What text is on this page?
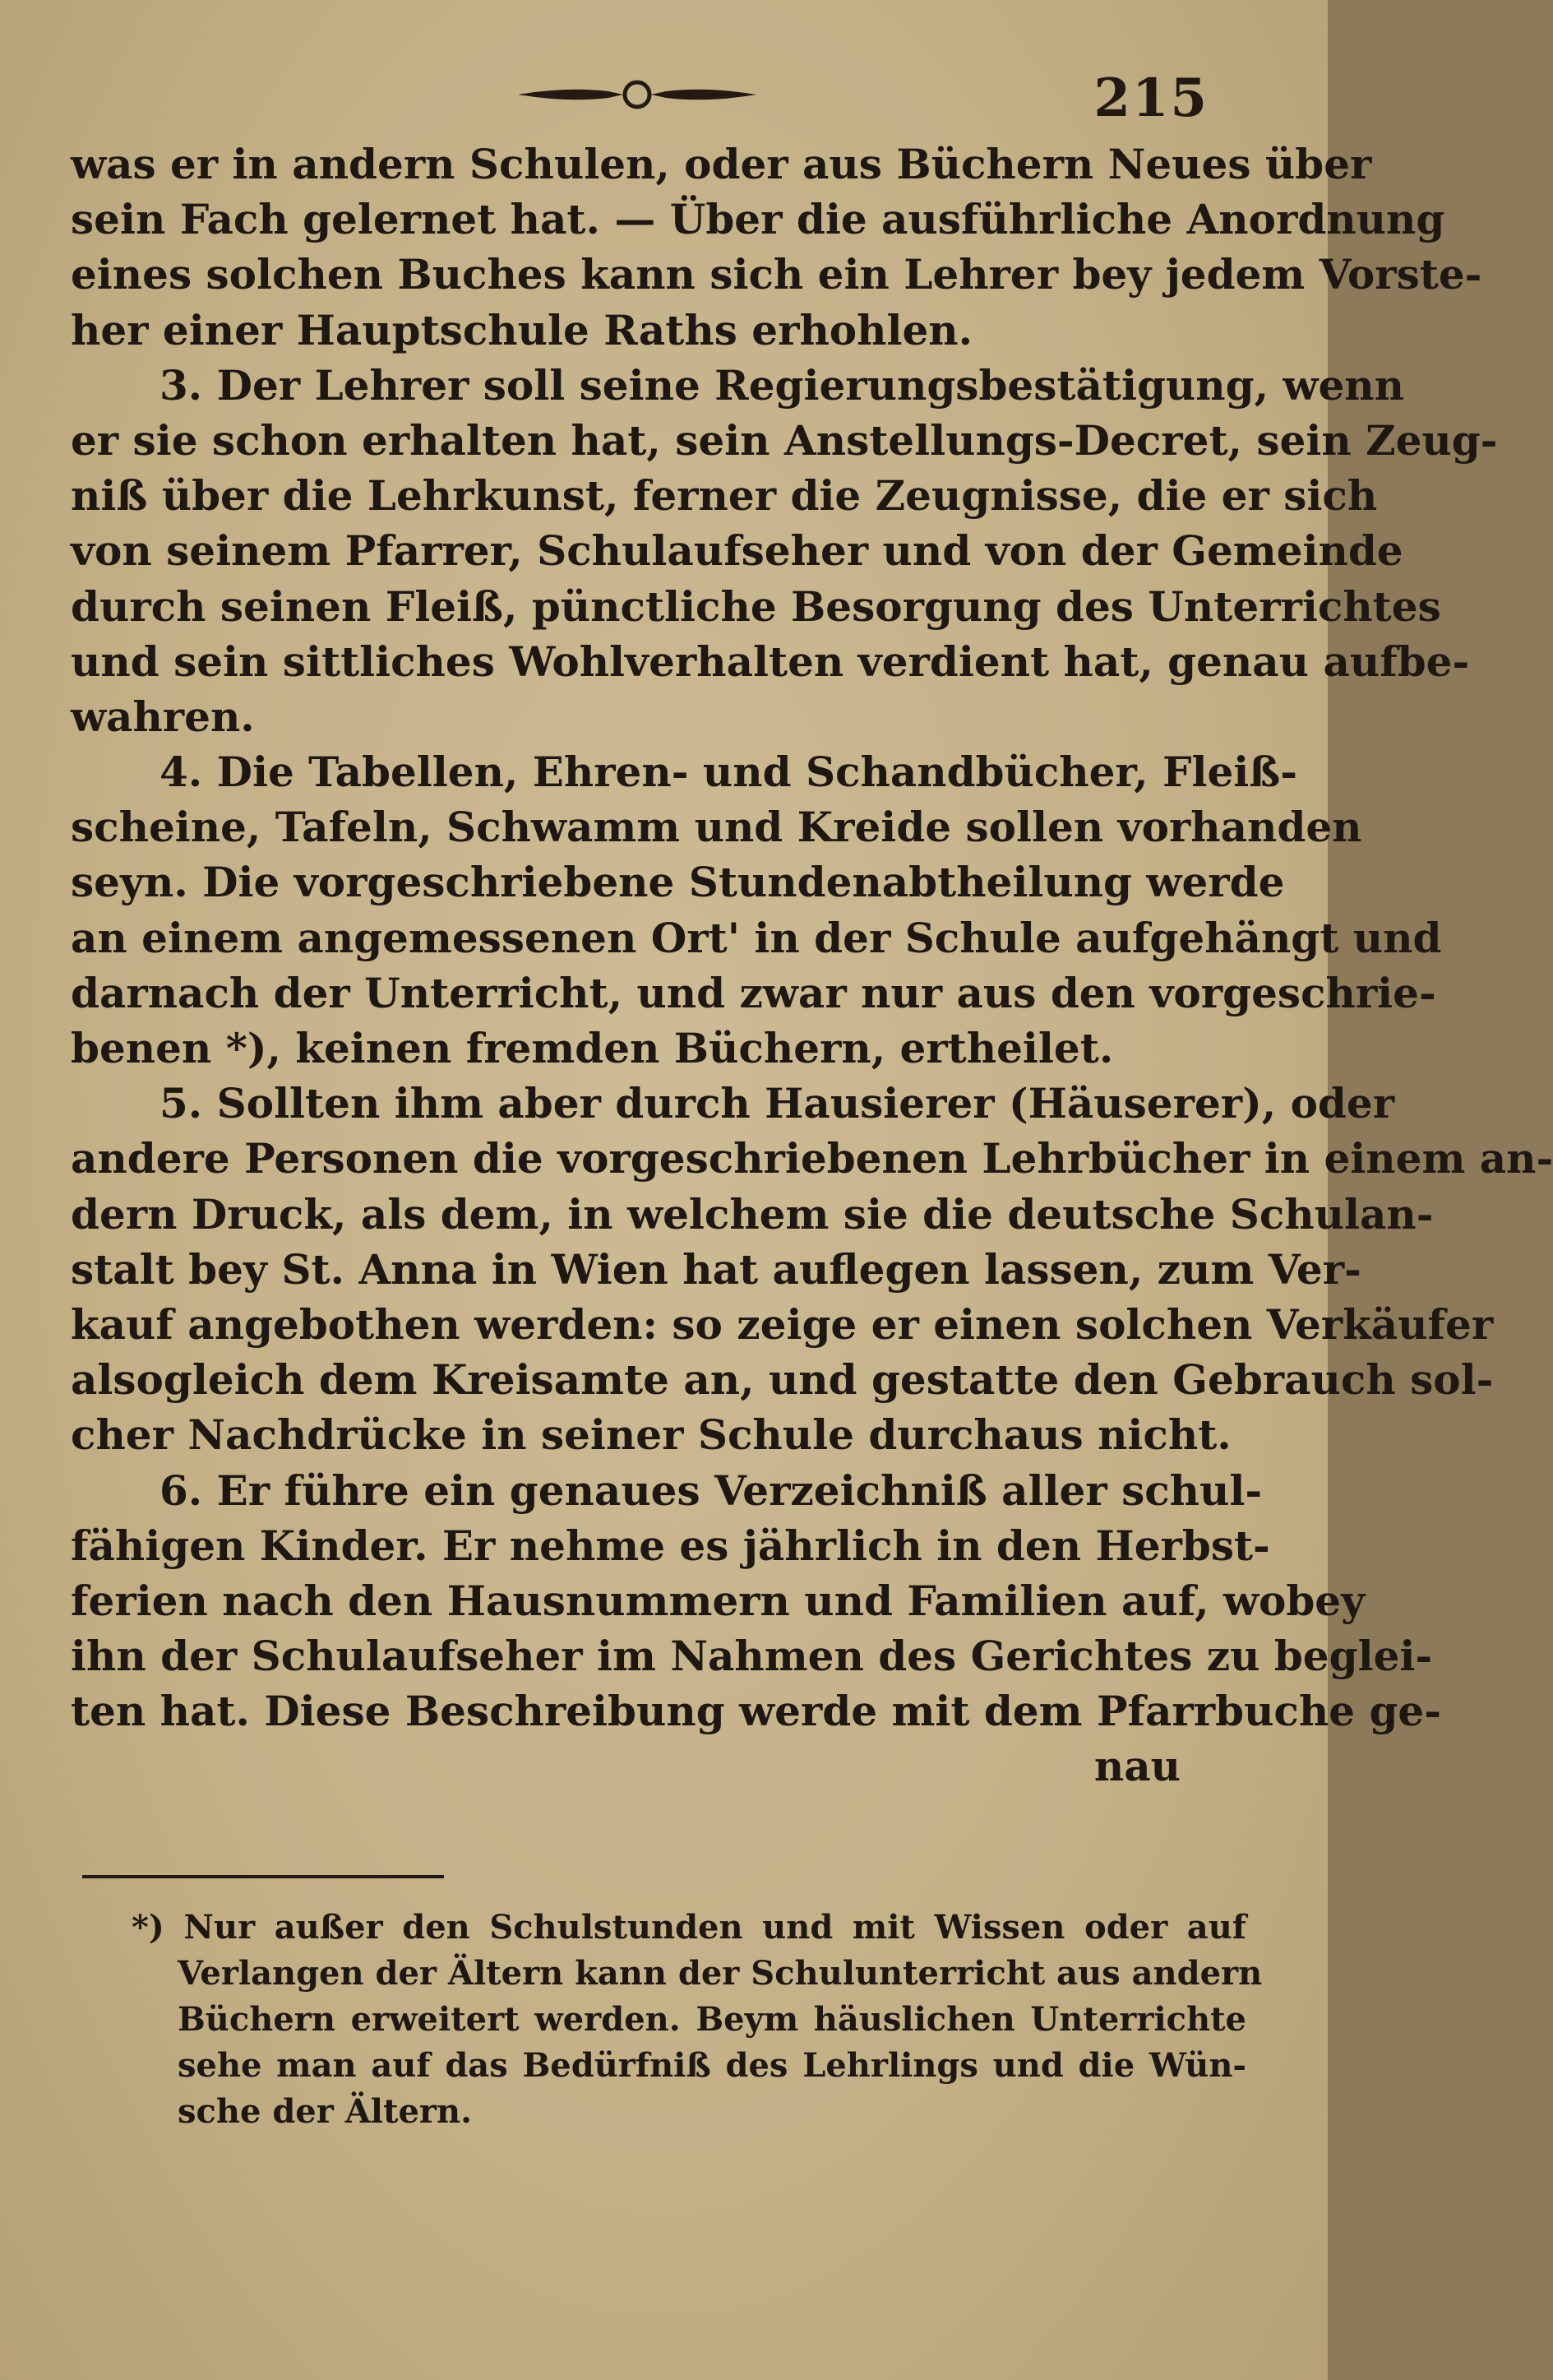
215
was er in andern Schulen, oder aus Büchern Neues über
sein Fach gelernet hat. — Über die ausführliche Anordnung
eines solchen Buches kann sich ein Lehrer bey jedem Vorste-
her einer Hauptschule Raths erhohlen.
3. Der Lehrer soll seine Regierungsbestätigung, wenn
er sie schon erhalten hat, sein Anstellungs-Decret, sein Zeug-
niß über die Lehrkunst, ferner die Zeugnisse, die er sich
von seinem Pfarrer, Schulaufseher und von der Gemeinde
durch seinen Fleiß, pünctliche Besorgung des Unterrichtes
und sein sittliches Wohlverhalten verdient hat, genau aufbe-
wahren.
4. Die Tabellen, Ehren- und Schandbücher, Fleiß-
scheine, Tafeln, Schwamm und Kreide sollen vorhanden
seyn. Die vorgeschriebene Stundenabtheilung werde
an einem angemessenen Ort' in der Schule aufgehängt und
darnach der Unterricht, und zwar nur aus den vorgeschrie-
benen *), keinen fremden Büchern, ertheilet.
5. Sollten ihm aber durch Hausierer (Häuserer), oder
andere Personen die vorgeschriebenen Lehrbücher in einem an-
dern Druck, als dem, in welchem sie die deutsche Schulan-
stalt bey St. Anna in Wien hat auflegen lassen, zum Ver-
kauf angebothen werden: so zeige er einen solchen Verkäufer
alsogleich dem Kreisamte an, und gestatte den Gebrauch sol-
cher Nachdrücke in seiner Schule durchaus nicht.
6. Er führe ein genaues Verzeichniß aller schul-
fähigen Kinder. Er nehme es jährlich in den Herbst-
ferien nach den Hausnummern und Familien auf, wobey
ihn der Schulaufseher im Nahmen des Gerichtes zu beglei-
ten hat. Diese Beschreibung werde mit dem Pfarrbuche ge-
nau
*) Nur außer den Schulstunden und mit Wissen oder auf
Verlangen der Ältern kann der Schulunterricht aus andern
Büchern erweitert werden. Beym häuslichen Unterrichte
sehe man auf das Bedürfniß des Lehrlings und die Wün-
sche der Ältern.
